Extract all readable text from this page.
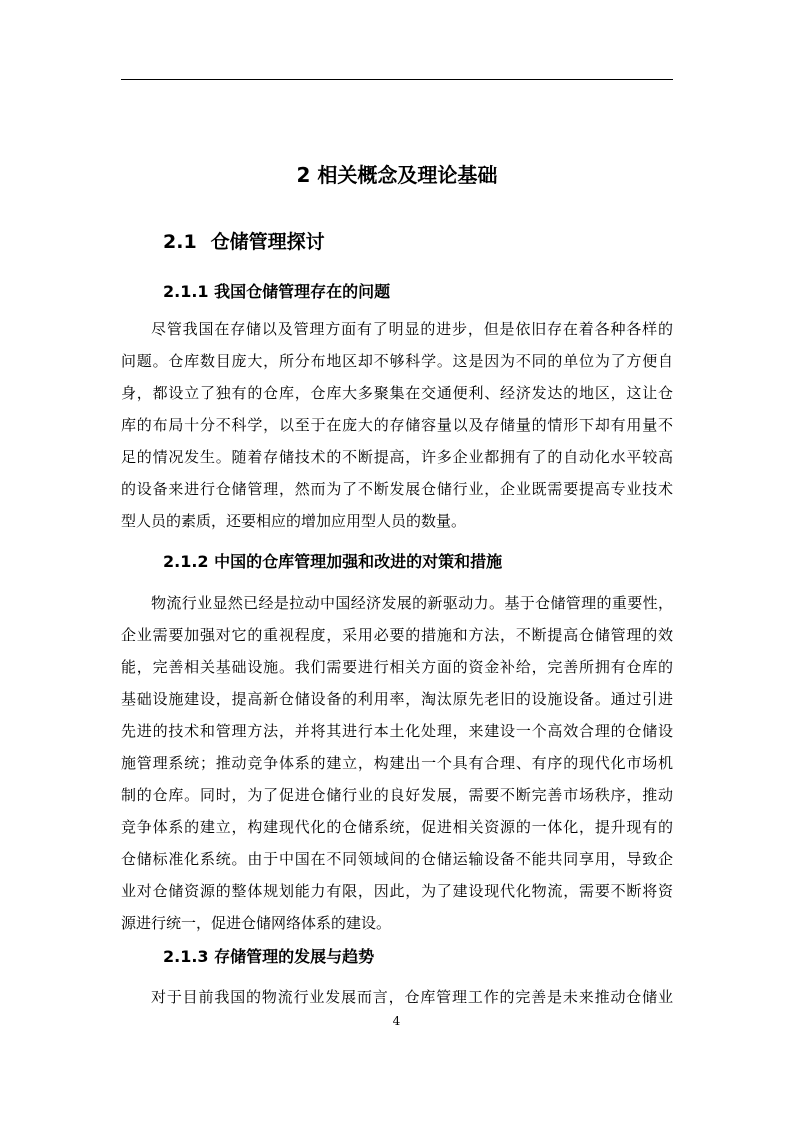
2 相关概念及理论基础
2.1 仓储管理探讨
2.1.1 我国仓储管理存在的问题
尽管我国在存储以及管理方面有了明显的进步，但是依旧存在着各种各样的
问题。仓库数目庞大，所分布地区却不够科学。这是因为不同的单位为了方便自
身，都设立了独有的仓库，仓库大多聚集在交通便利、经济发达的地区，这让仓
库的布局十分不科学，以至于在庞大的存储容量以及存储量的情形下却有用量不
足的情况发生。随着存储技术的不断提高，许多企业都拥有了的自动化水平较高
的设备来进行仓储管理，然而为了不断发展仓储行业，企业既需要提高专业技术
型人员的素质，还要相应的增加应用型人员的数量。
2.1.2 中国的仓库管理加强和改进的对策和措施
物流行业显然已经是拉动中国经济发展的新驱动力。基于仓储管理的重要性，
企业需要加强对它的重视程度，采用必要的措施和方法，不断提高仓储管理的效
能，完善相关基础设施。我们需要进行相关方面的资金补给，完善所拥有仓库的
基础设施建设，提高新仓储设备的利用率，淘汰原先老旧的设施设备。通过引进
先进的技术和管理方法，并将其进行本土化处理，来建设一个高效合理的仓储设
施管理系统；推动竞争体系的建立，构建出一个具有合理、有序的现代化市场机
制的仓库。同时，为了促进仓储行业的良好发展，需要不断完善市场秩序，推动
竞争体系的建立，构建现代化的仓储系统，促进相关资源的一体化，提升现有的
仓储标准化系统。由于中国在不同领域间的仓储运输设备不能共同享用，导致企
业对仓储资源的整体规划能力有限，因此，为了建设现代化物流，需要不断将资
源进行统一，促进仓储网络体系的建设。
2.1.3 存储管理的发展与趋势
对于目前我国的物流行业发展而言，仓库管理工作的完善是未来推动仓储业
4
